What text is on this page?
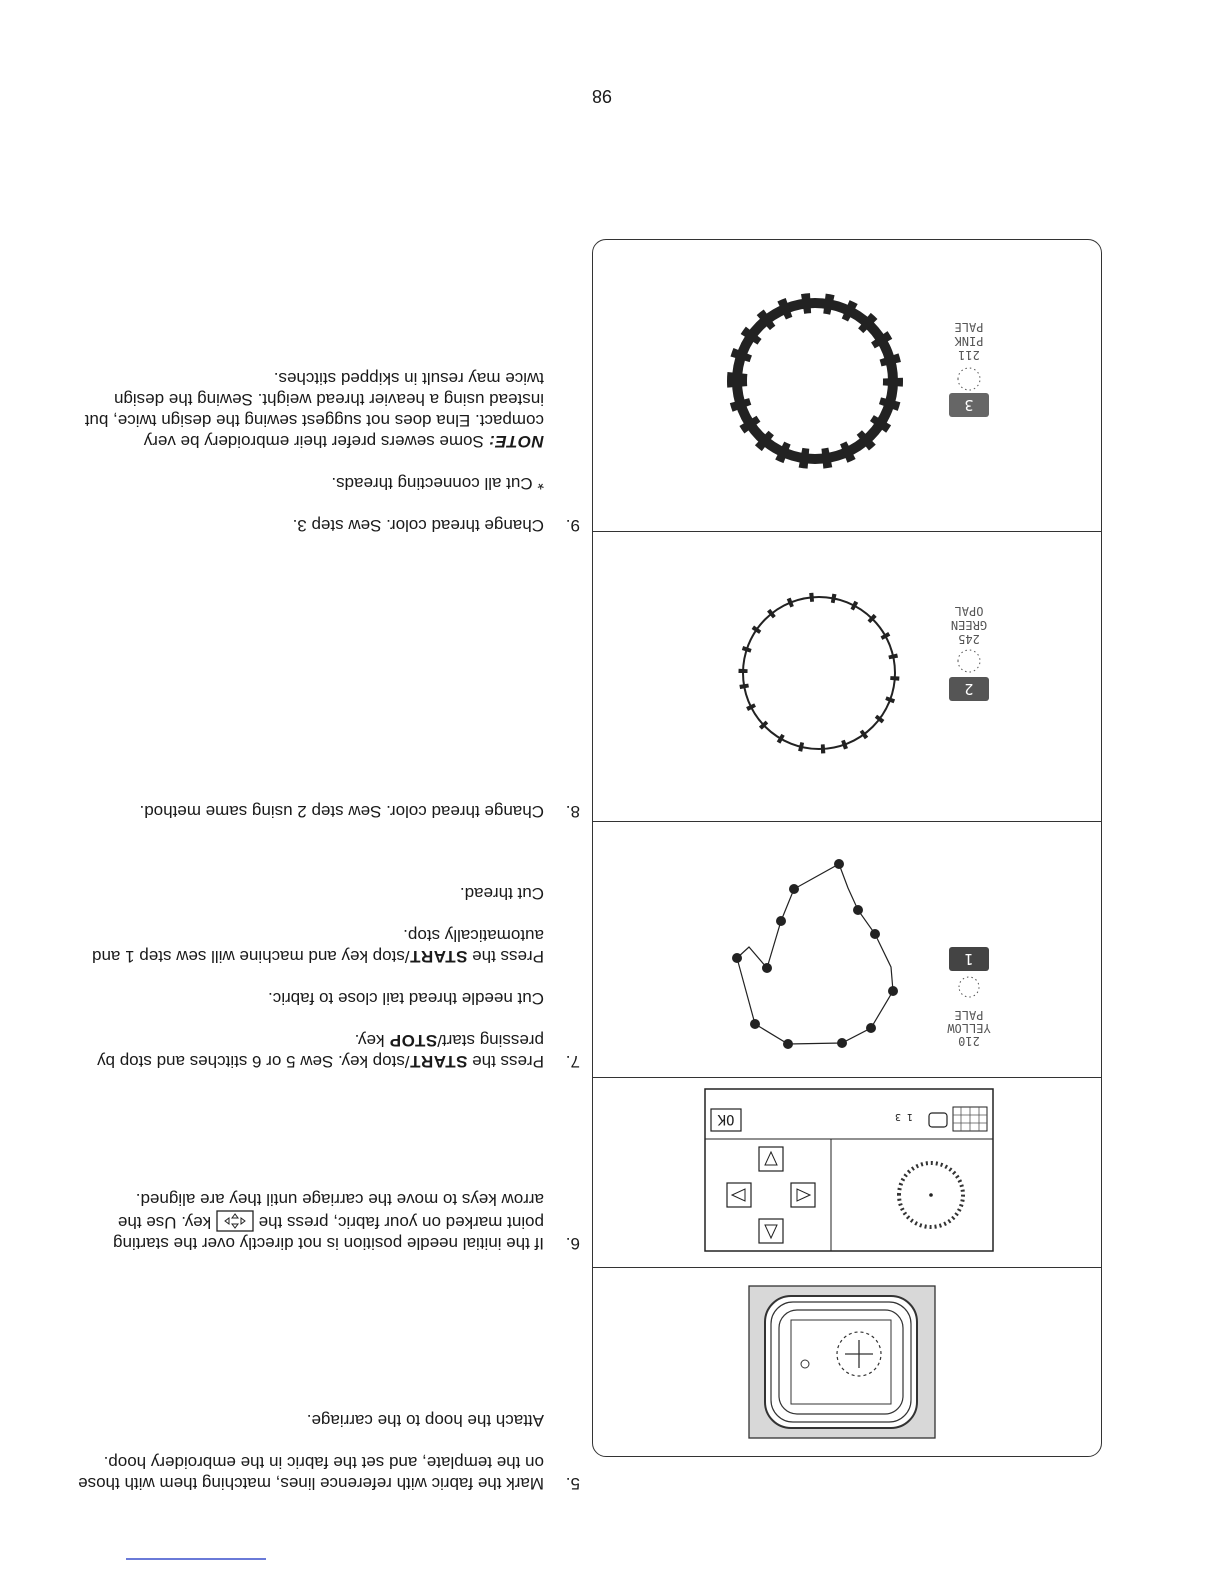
98
5.

Mark the fabric with reference lines, matching them with those on the template, and set the fabric in the embroidery hoop.

Attach the hoop to the carriage.

6.

If the initial needle position is not directly over the starting point marked on your fabric, press the  key. Use the arrow keys to move the carriage until they are aligned.

7.

Press the START/stop key. Sew 5 or 6 stitches and stop by pressing start/STOP key.

Cut needle thread tail close to fabric.

Press the START/stop key and machine will sew step 1 and automatically stop.

Cut thread.

8.

Change thread color. Sew step 2 using same method.

9.

Change thread color. Sew step 3.

* Cut all connecting threads.

NOTE: Some sewers prefer their embroidery be very compact. Elna does not suggest sewing the design twice, but instead using a heavier thread weight. Sewing the design twice may result in skipped stitches.

OK	1 3
1
PALE
YELLOW
210
2
OPAL
GREEN
245
3
PALE
PINK
211
